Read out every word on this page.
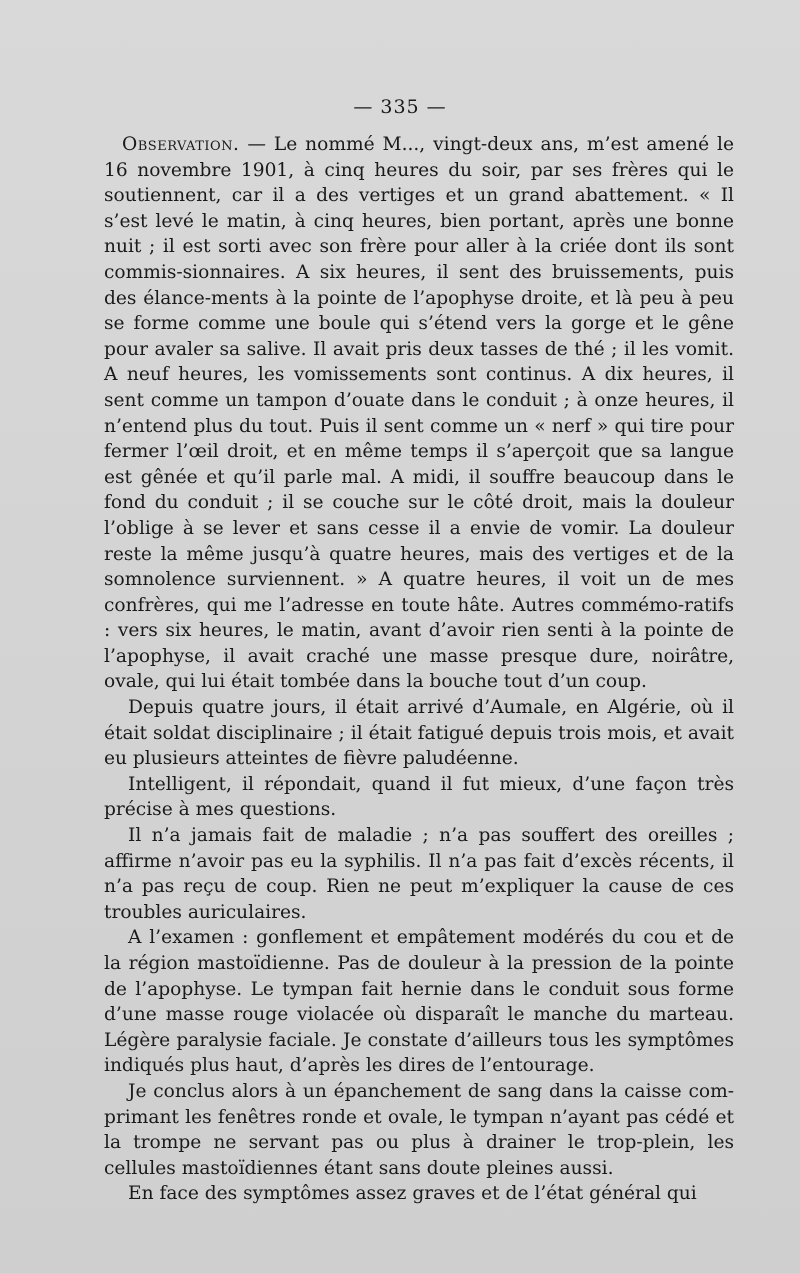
— 335 —

Observation. — Le nommé M..., vingt-deux ans, m’est amené le 16 novembre 1901, à cinq heures du soir, par ses frères qui le soutiennent, car il a des vertiges et un grand abattement. « Il s’est levé le matin, à cinq heures, bien portant, après une bonne nuit ; il est sorti avec son frère pour aller à la criée dont ils sont commis-sionnaires. A six heures, il sent des bruissements, puis des élance-ments à la pointe de l’apophyse droite, et là peu à peu se forme comme une boule qui s’étend vers la gorge et le gêne pour avaler sa salive. Il avait pris deux tasses de thé ; il les vomit. A neuf heures, les vomissements sont continus. A dix heures, il sent comme un tampon d’ouate dans le conduit ; à onze heures, il n’entend plus du tout. Puis il sent comme un « nerf » qui tire pour fermer l’œil droit, et en même temps il s’aperçoit que sa langue est gênée et qu’il parle mal. A midi, il souffre beaucoup dans le fond du conduit ; il se couche sur le côté droit, mais la douleur l’oblige à se lever et sans cesse il a envie de vomir. La douleur reste la même jusqu’à quatre heures, mais des vertiges et de la somnolence surviennent. » A quatre heures, il voit un de mes confrères, qui me l’adresse en toute hâte. Autres commémo-ratifs : vers six heures, le matin, avant d’avoir rien senti à la pointe de l’apophyse, il avait craché une masse presque dure, noirâtre, ovale, qui lui était tombée dans la bouche tout d’un coup.

Depuis quatre jours, il était arrivé d’Aumale, en Algérie, où il était soldat disciplinaire ; il était fatigué depuis trois mois, et avait eu plusieurs atteintes de fièvre paludéenne.

Intelligent, il répondait, quand il fut mieux, d’une façon très précise à mes questions.

Il n’a jamais fait de maladie ; n’a pas souffert des oreilles ; affirme n’avoir pas eu la syphilis. Il n’a pas fait d’excès récents, il n’a pas reçu de coup. Rien ne peut m’expliquer la cause de ces troubles auriculaires.

A l’examen : gonflement et empâtement modérés du cou et de la région mastoïdienne. Pas de douleur à la pression de la pointe de l’apophyse. Le tympan fait hernie dans le conduit sous forme d’une masse rouge violacée où disparaît le manche du marteau. Légère paralysie faciale. Je constate d’ailleurs tous les symptômes indiqués plus haut, d’après les dires de l’entourage.

Je conclus alors à un épanchement de sang dans la caisse com-primant les fenêtres ronde et ovale, le tympan n’ayant pas cédé et la trompe ne servant pas ou plus à drainer le trop-plein, les cellules mastoïdiennes étant sans doute pleines aussi.

En face des symptômes assez graves et de l’état général qui
